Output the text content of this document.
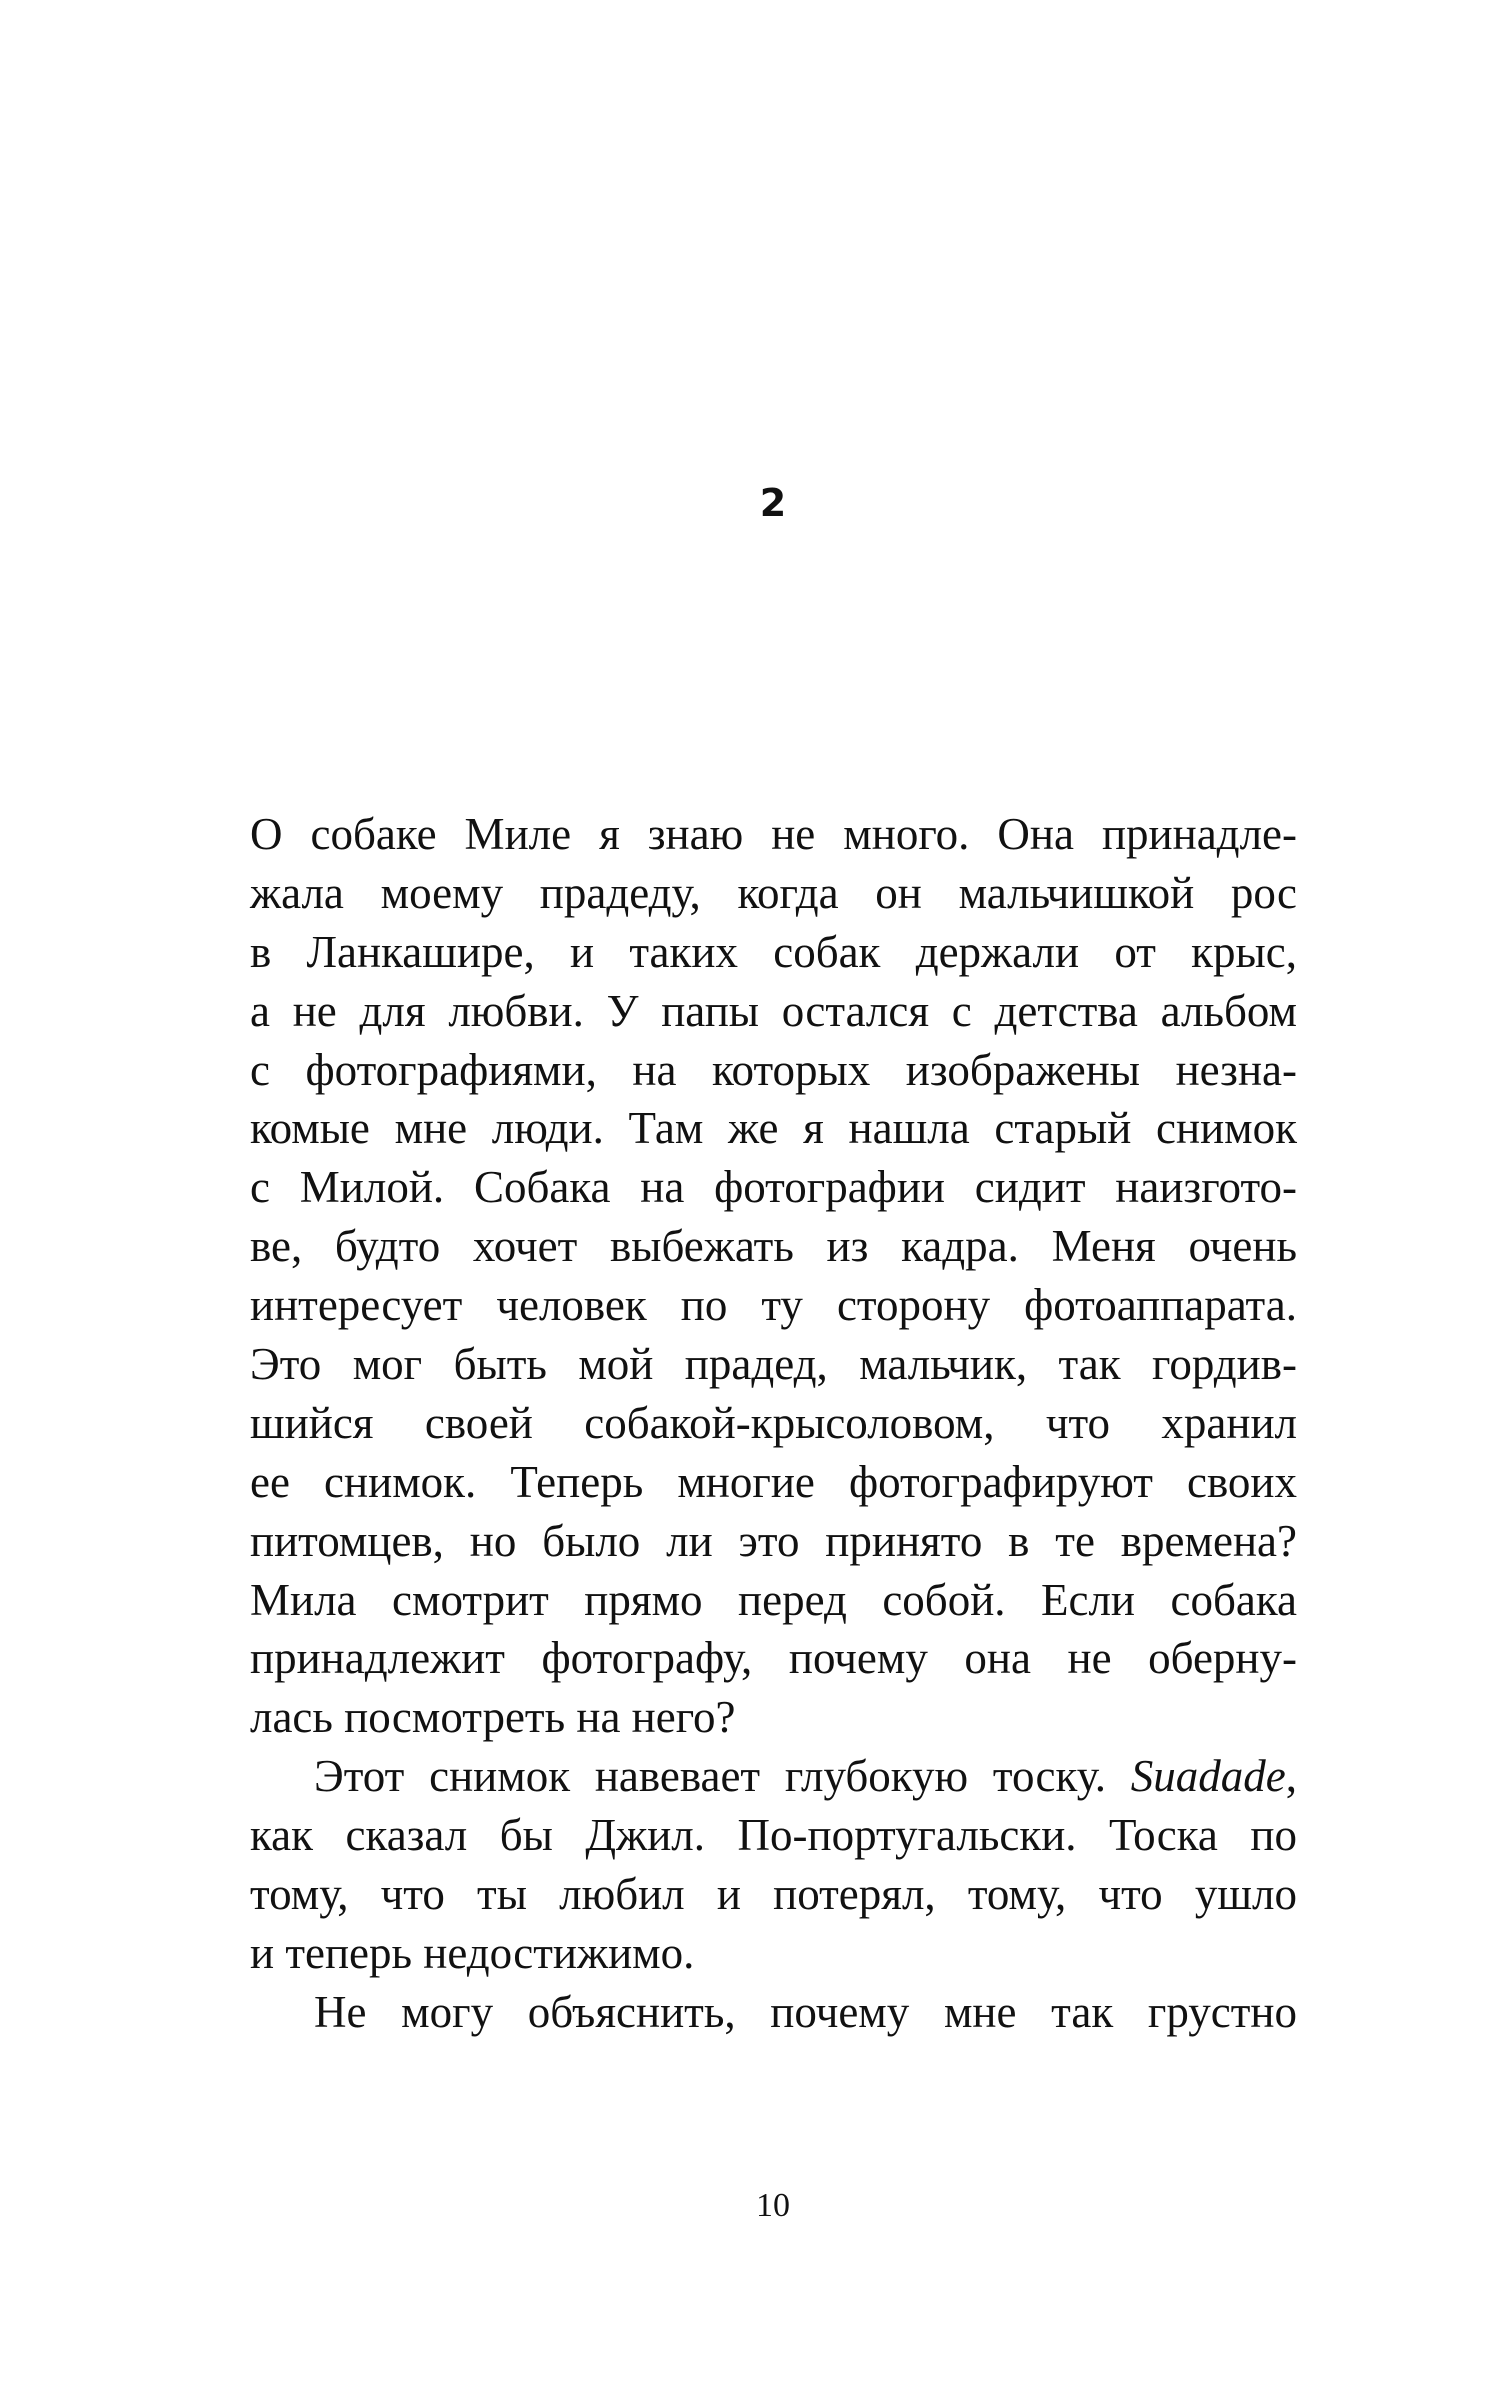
2
О собаке Миле я знаю не много. Она принадле-
жала моему прадеду, когда он мальчишкой рос
в Ланкашире, и таких собак держали от крыс,
а не для любви. У папы остался с детства альбом
с фотографиями, на которых изображены незна-
комые мне люди. Там же я нашла старый снимок
с Милой. Собака на фотографии сидит наизгото-
ве, будто хочет выбежать из кадра. Меня очень
интересует человек по ту сторону фотоаппарата.
Это мог быть мой прадед, мальчик, так гордив-
шийся своей собакой-крысоловом, что хранил
ее снимок. Теперь многие фотографируют своих
питомцев, но было ли это принято в те времена?
Мила смотрит прямо перед собой. Если собака
принадлежит фотографу, почему она не оберну-
лась посмотреть на него?
Этот снимок навевает глубокую тоску. Suadade,
как сказал бы Джил. По-португальски. Тоска по
тому, что ты любил и потерял, тому, что ушло
и теперь недостижимо.
Не могу объяснить, почему мне так грустно
10
